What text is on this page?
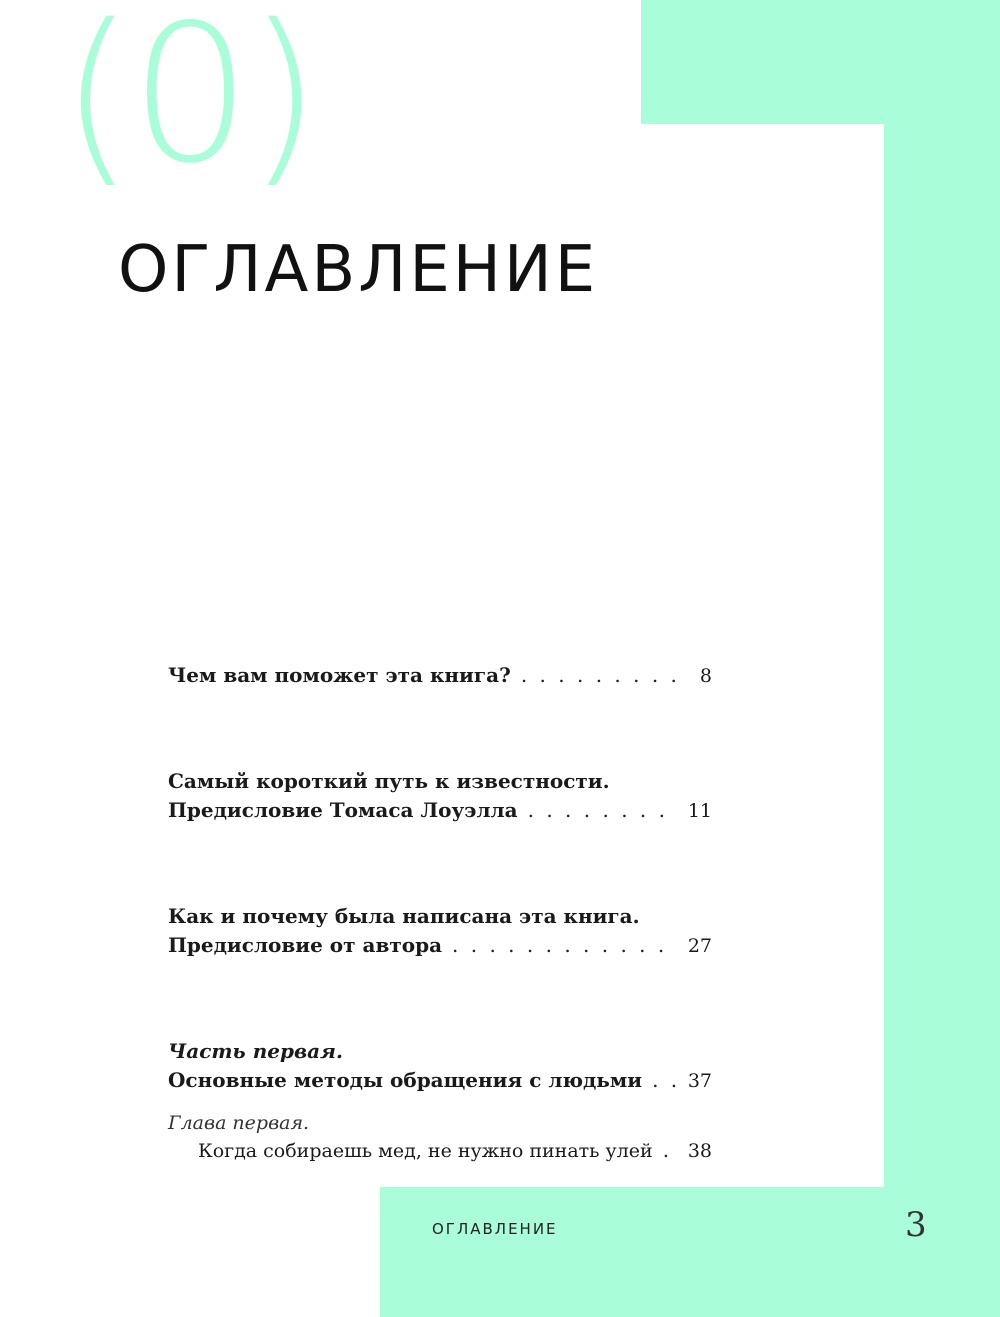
(0)
ОГЛАВЛЕНИЕ
Чем вам поможет эта книга? . . .	8
Самый короткий путь к известности.
Предисловие Томаса Лоуэлла . . .	11
Как и почему была написана эта книга.
Предисловие от автора . . .	27
Часть первая.
Основные методы обращения с людьми . . . 37
Глава первая.
Когда собираешь мед, не нужно пинать улей . . . 38
ОГЛАВЛЕНИЕ	3
